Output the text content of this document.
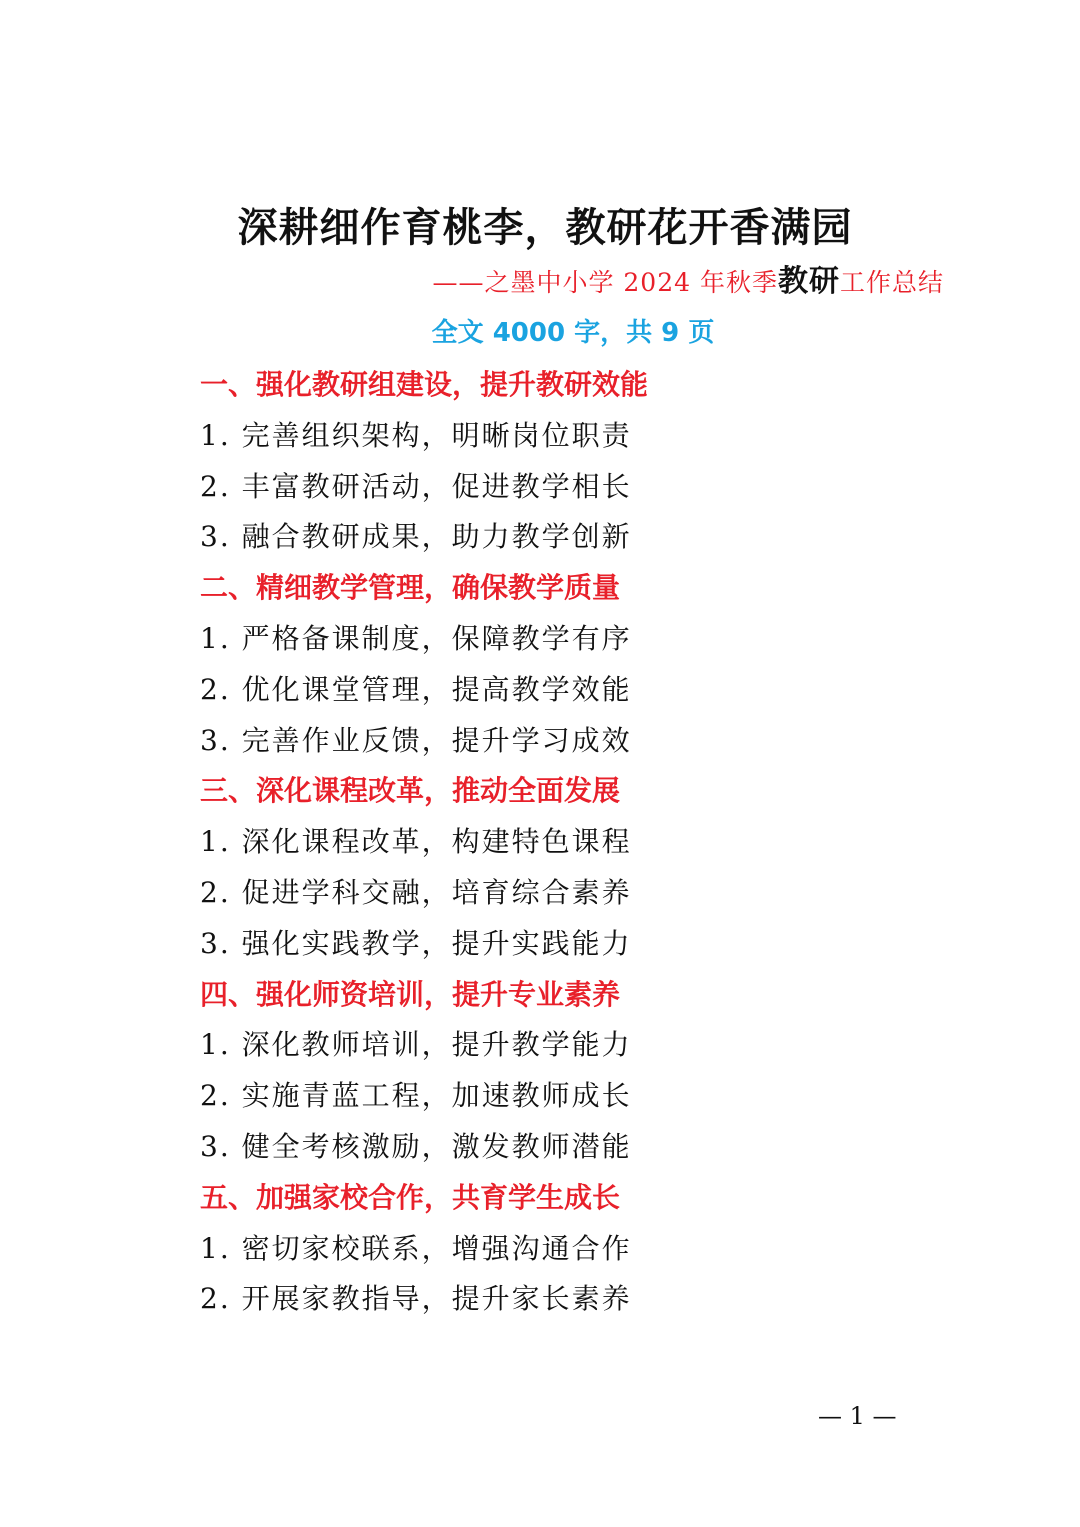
深耕细作育桃李，教研花开香满园
——之墨中小学 2024 年秋季教研工作总结
全文 4000 字，共 9 页
一、强化教研组建设，提升教研效能
1. 完善组织架构，明晰岗位职责
2. 丰富教研活动，促进教学相长
3. 融合教研成果，助力教学创新
二、精细教学管理，确保教学质量
1. 严格备课制度，保障教学有序
2. 优化课堂管理，提高教学效能
3. 完善作业反馈，提升学习成效
三、深化课程改革，推动全面发展
1. 深化课程改革，构建特色课程
2. 促进学科交融，培育综合素养
3. 强化实践教学，提升实践能力
四、强化师资培训，提升专业素养
1. 深化教师培训，提升教学能力
2. 实施青蓝工程，加速教师成长
3. 健全考核激励，激发教师潜能
五、加强家校合作，共育学生成长
1. 密切家校联系，增强沟通合作
2. 开展家教指导，提升家长素养
— 1 —
